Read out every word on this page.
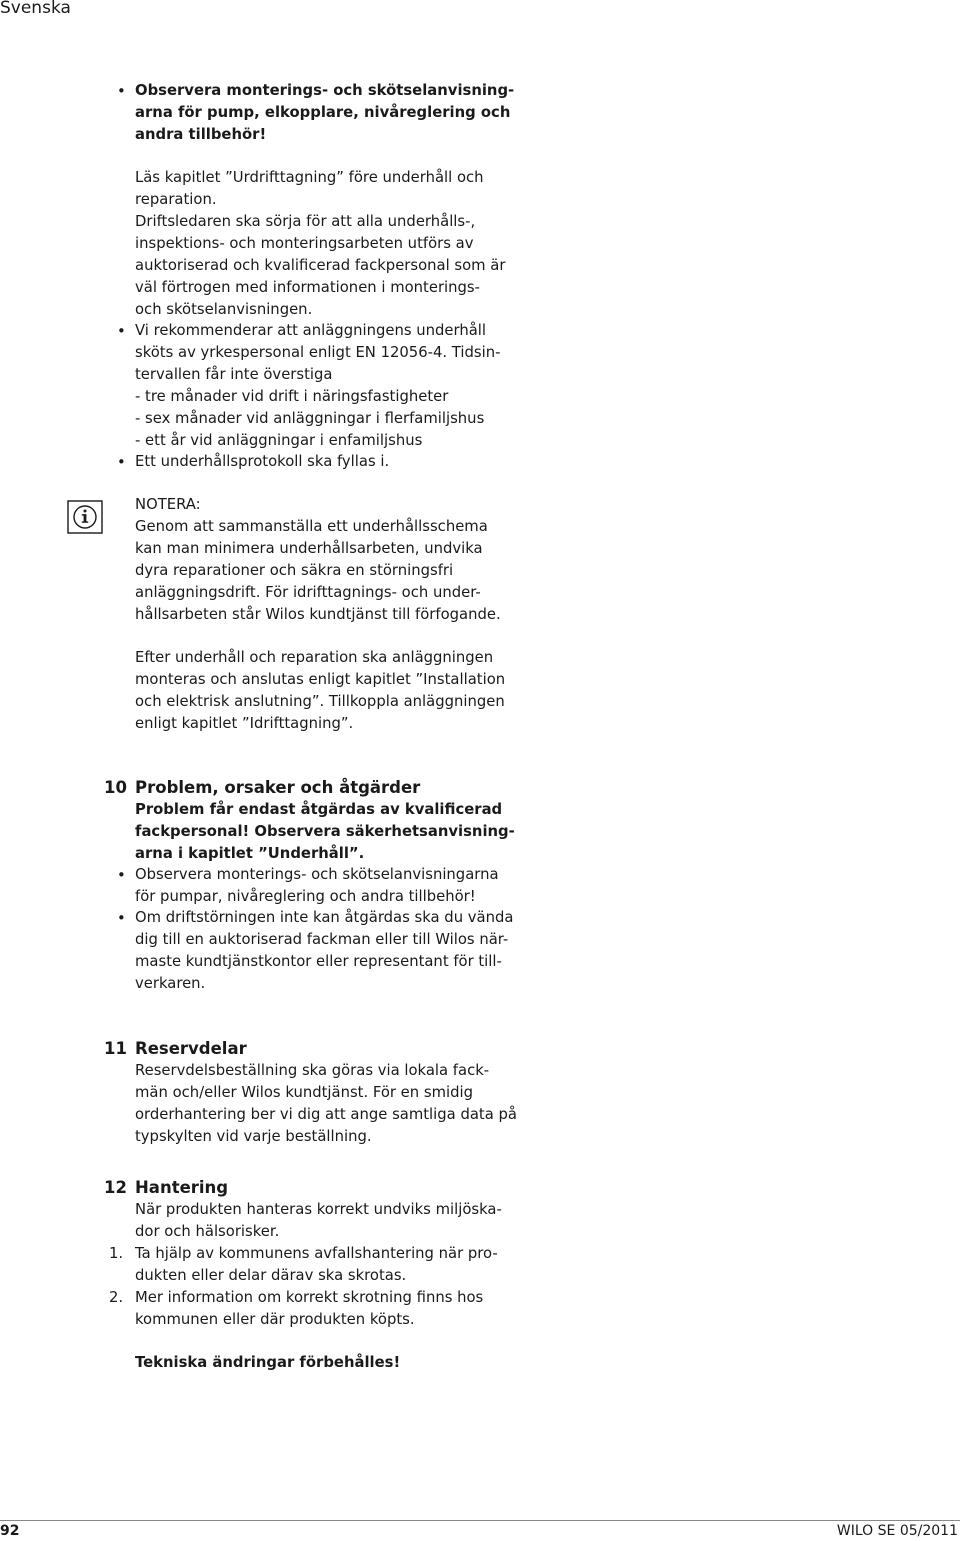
Svenska
• Observera monterings- och skötselanvisning-
arna för pump, elkopplare, nivåreglering och
andra tillbehör!
Läs kapitlet ”Urdrifttagning” före underhåll och
reparation.
Driftsledaren ska sörja för att alla underhålls-,
inspektions- och monteringsarbeten utförs av
auktoriserad och kvalificerad fackpersonal som är
väl förtrogen med informationen i monterings-
och skötselanvisningen.
• Vi rekommenderar att anläggningens underhåll
sköts av yrkespersonal enligt EN 12056-4. Tidsin-
tervallen får inte överstiga
- tre månader vid drift i näringsfastigheter
- sex månader vid anläggningar i flerfamiljshus
- ett år vid anläggningar i enfamiljshus
• Ett underhållsprotokoll ska fyllas i.
NOTERA:
Genom att sammanställa ett underhållsschema
kan man minimera underhållsarbeten, undvika
dyra reparationer och säkra en störningsfri
anläggningsdrift. För idrifttagnings- och under-
hållsarbeten står Wilos kundtjänst till förfogande.
Efter underhåll och reparation ska anläggningen
monteras och anslutas enligt kapitlet ”Installation
och elektrisk anslutning”. Tillkoppla anläggningen
enligt kapitlet ”Idrifttagning”.
10 Problem, orsaker och åtgärder
Problem får endast åtgärdas av kvalificerad
fackpersonal! Observera säkerhetsanvisning-
arna i kapitlet ”Underhåll”.
• Observera monterings- och skötselanvisningarna
för pumpar, nivåreglering och andra tillbehör!
• Om driftstörningen inte kan åtgärdas ska du vända
dig till en auktoriserad fackman eller till Wilos när-
maste kundtjänstkontor eller representant för till-
verkaren.
11 Reservdelar
Reservdelsbeställning ska göras via lokala fack-
män och/eller Wilos kundtjänst. För en smidig
orderhantering ber vi dig att ange samtliga data på
typskylten vid varje beställning.
12 Hantering
När produkten hanteras korrekt undviks miljöska-
dor och hälsorisker.
1. Ta hjälp av kommunens avfallshantering när pro-
dukten eller delar därav ska skrotas.
2. Mer information om korrekt skrotning finns hos
kommunen eller där produkten köpts.
Tekniska ändringar förbehålles!
92	WILO SE 05/2011
